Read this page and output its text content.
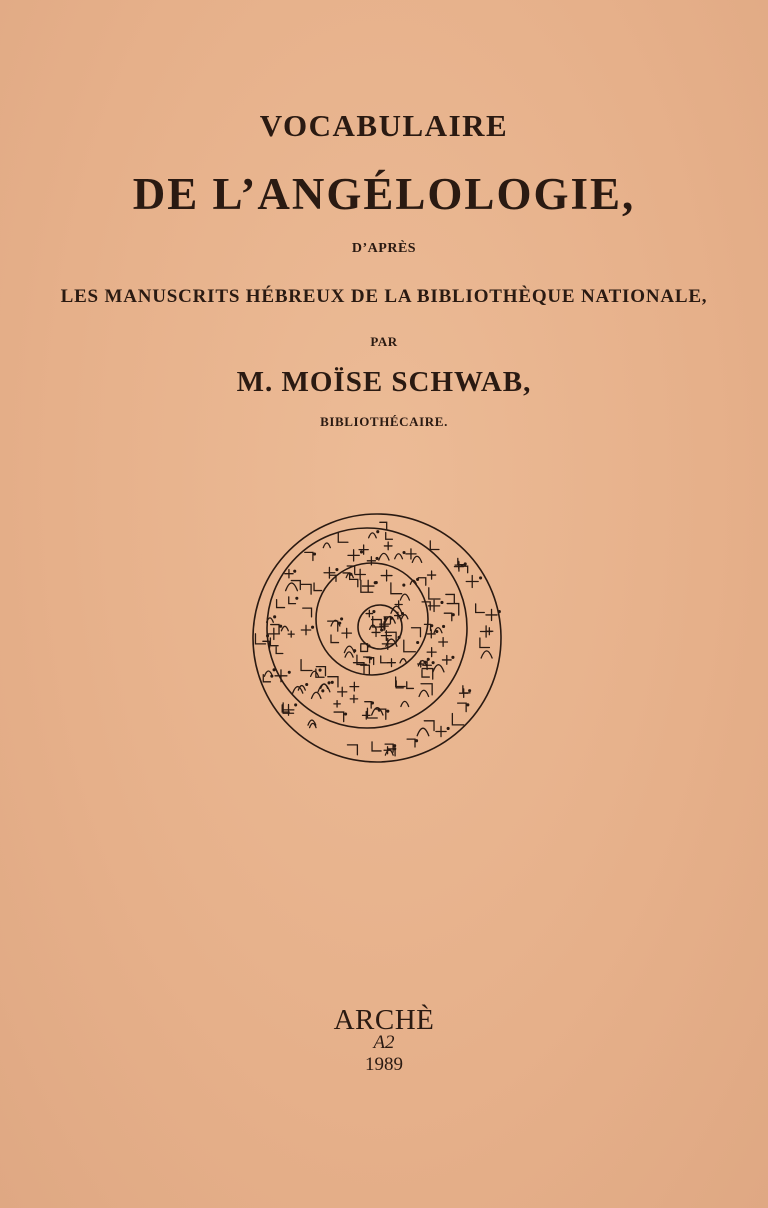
VOCABULAIRE
DE L’ANGÉLOLOGIE,
D’APRÈS
LES MANUSCRITS HÉBREUX DE LA BIBLIOTHÈQUE NATIONALE,
PAR
M. MOÏSE SCHWAB,
BIBLIOTHÉCAIRE.
ARCHÈ
A2
1989
